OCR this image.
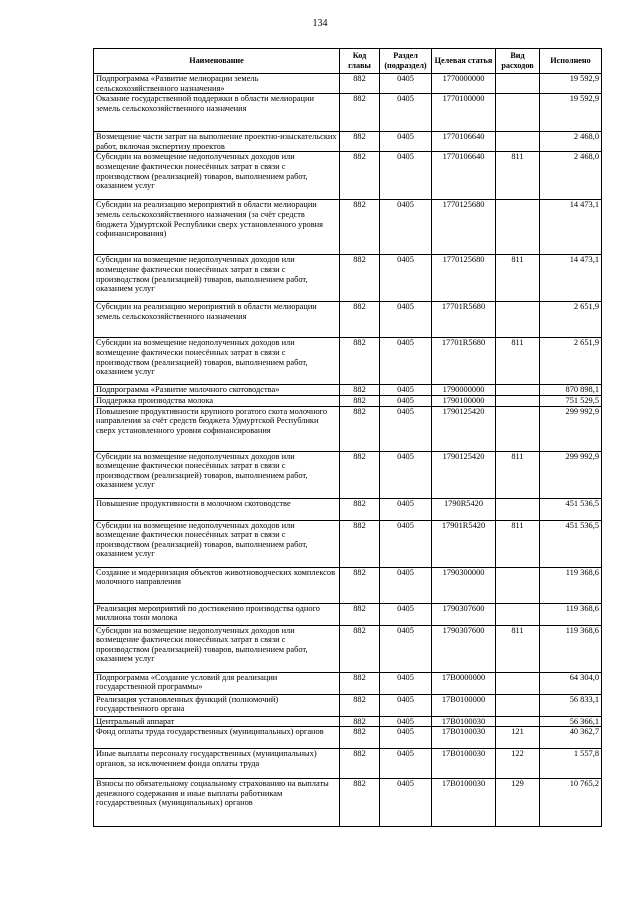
134
Наименование	Код главы	Раздел (подраздел)	Целевая статья	Вид расходов	Исполнено
Подпрограмма «Развитие мелиорации земель сельскохозяйственного назначения»	882	0405	1770000000		19 592,9
Оказание государственной поддержки в области мелиорации земель сельскохозяйственного назначения	882	0405	1770100000		19 592,9
Возмещение части затрат на выполнение проектно-изыскательских работ, включая экспертизу проектов	882	0405	1770106640		2 468,0
Субсидии на возмещение недополученных доходов или возмещение фактически понесённых затрат в связи с производством (реализацией) товаров, выполнением работ, оказанием услуг	882	0405	1770106640	811	2 468,0
Субсидии на реализацию мероприятий в области мелиорации земель сельскохозяйственного назначения (за счёт средств бюджета Удмуртской Республики сверх установленного уровня софинансирования)	882	0405	1770125680		14 473,1
Субсидии на возмещение недополученных доходов или возмещение фактически понесённых затрат в связи с производством (реализацией) товаров, выполнением работ, оказанием услуг	882	0405	1770125680	811	14 473,1
Субсидии на реализацию мероприятий в области мелиорации земель сельскохозяйственного назначения	882	0405	17701R5680		2 651,9
Субсидии на возмещение недополученных доходов или возмещение фактически понесённых затрат в связи с производством (реализацией) товаров, выполнением работ, оказанием услуг	882	0405	17701R5680	811	2 651,9
Подпрограмма «Развитие молочного скотоводства»	882	0405	1790000000		870 898,1
Поддержка производства молока	882	0405	1790100000		751 529,5
Повышение продуктивности крупного рогатого скота молочного направления за счёт средств бюджета Удмуртской Республики сверх установленного уровня софинансирования	882	0405	1790125420		299 992,9
Субсидии на возмещение недополученных доходов или возмещение фактически понесённых затрат в связи с производством (реализацией) товаров, выполнением работ, оказанием услуг	882	0405	1790125420	811	299 992,9
Повышение продуктивности в молочном скотоводстве	882	0405	1790R5420		451 536,5
Субсидии на возмещение недополученных доходов или возмещение фактически понесённых затрат в связи с производством (реализацией) товаров, выполнением работ, оказанием услуг	882	0405	17901R5420	811	451 536,5
Создание и модернизация объектов животноводческих комплексов молочного направления	882	0405	1790300000		119 368,6
Реализация мероприятий по достижению производства одного миллиона тонн молока	882	0405	1790307600		119 368,6
Субсидии на возмещение недополученных доходов или возмещение фактически понесённых затрат в связи с производством (реализацией) товаров, выполнением работ, оказанием услуг	882	0405	1790307600	811	119 368,6
Подпрограмма «Создание условий для реализации государственной программы»	882	0405	17В0000000		64 304,0
Реализация установленных функций (полномочий) государственного органа	882	0405	17В0100000		56 833,1
Центральный аппарат	882	0405	17В0100030		56 366,1
Фонд оплаты труда государственных (муниципальных) органов	882	0405	17В0100030	121	40 362,7
Иные выплаты персоналу государственных (муниципальных) органов, за исключением фонда оплаты труда	882	0405	17В0100030	122	1 557,8
Взносы по обязательному социальному страхованию на выплаты денежного содержания и иные выплаты работникам государственных (муниципальных) органов	882	0405	17В0100030	129	10 765,2
